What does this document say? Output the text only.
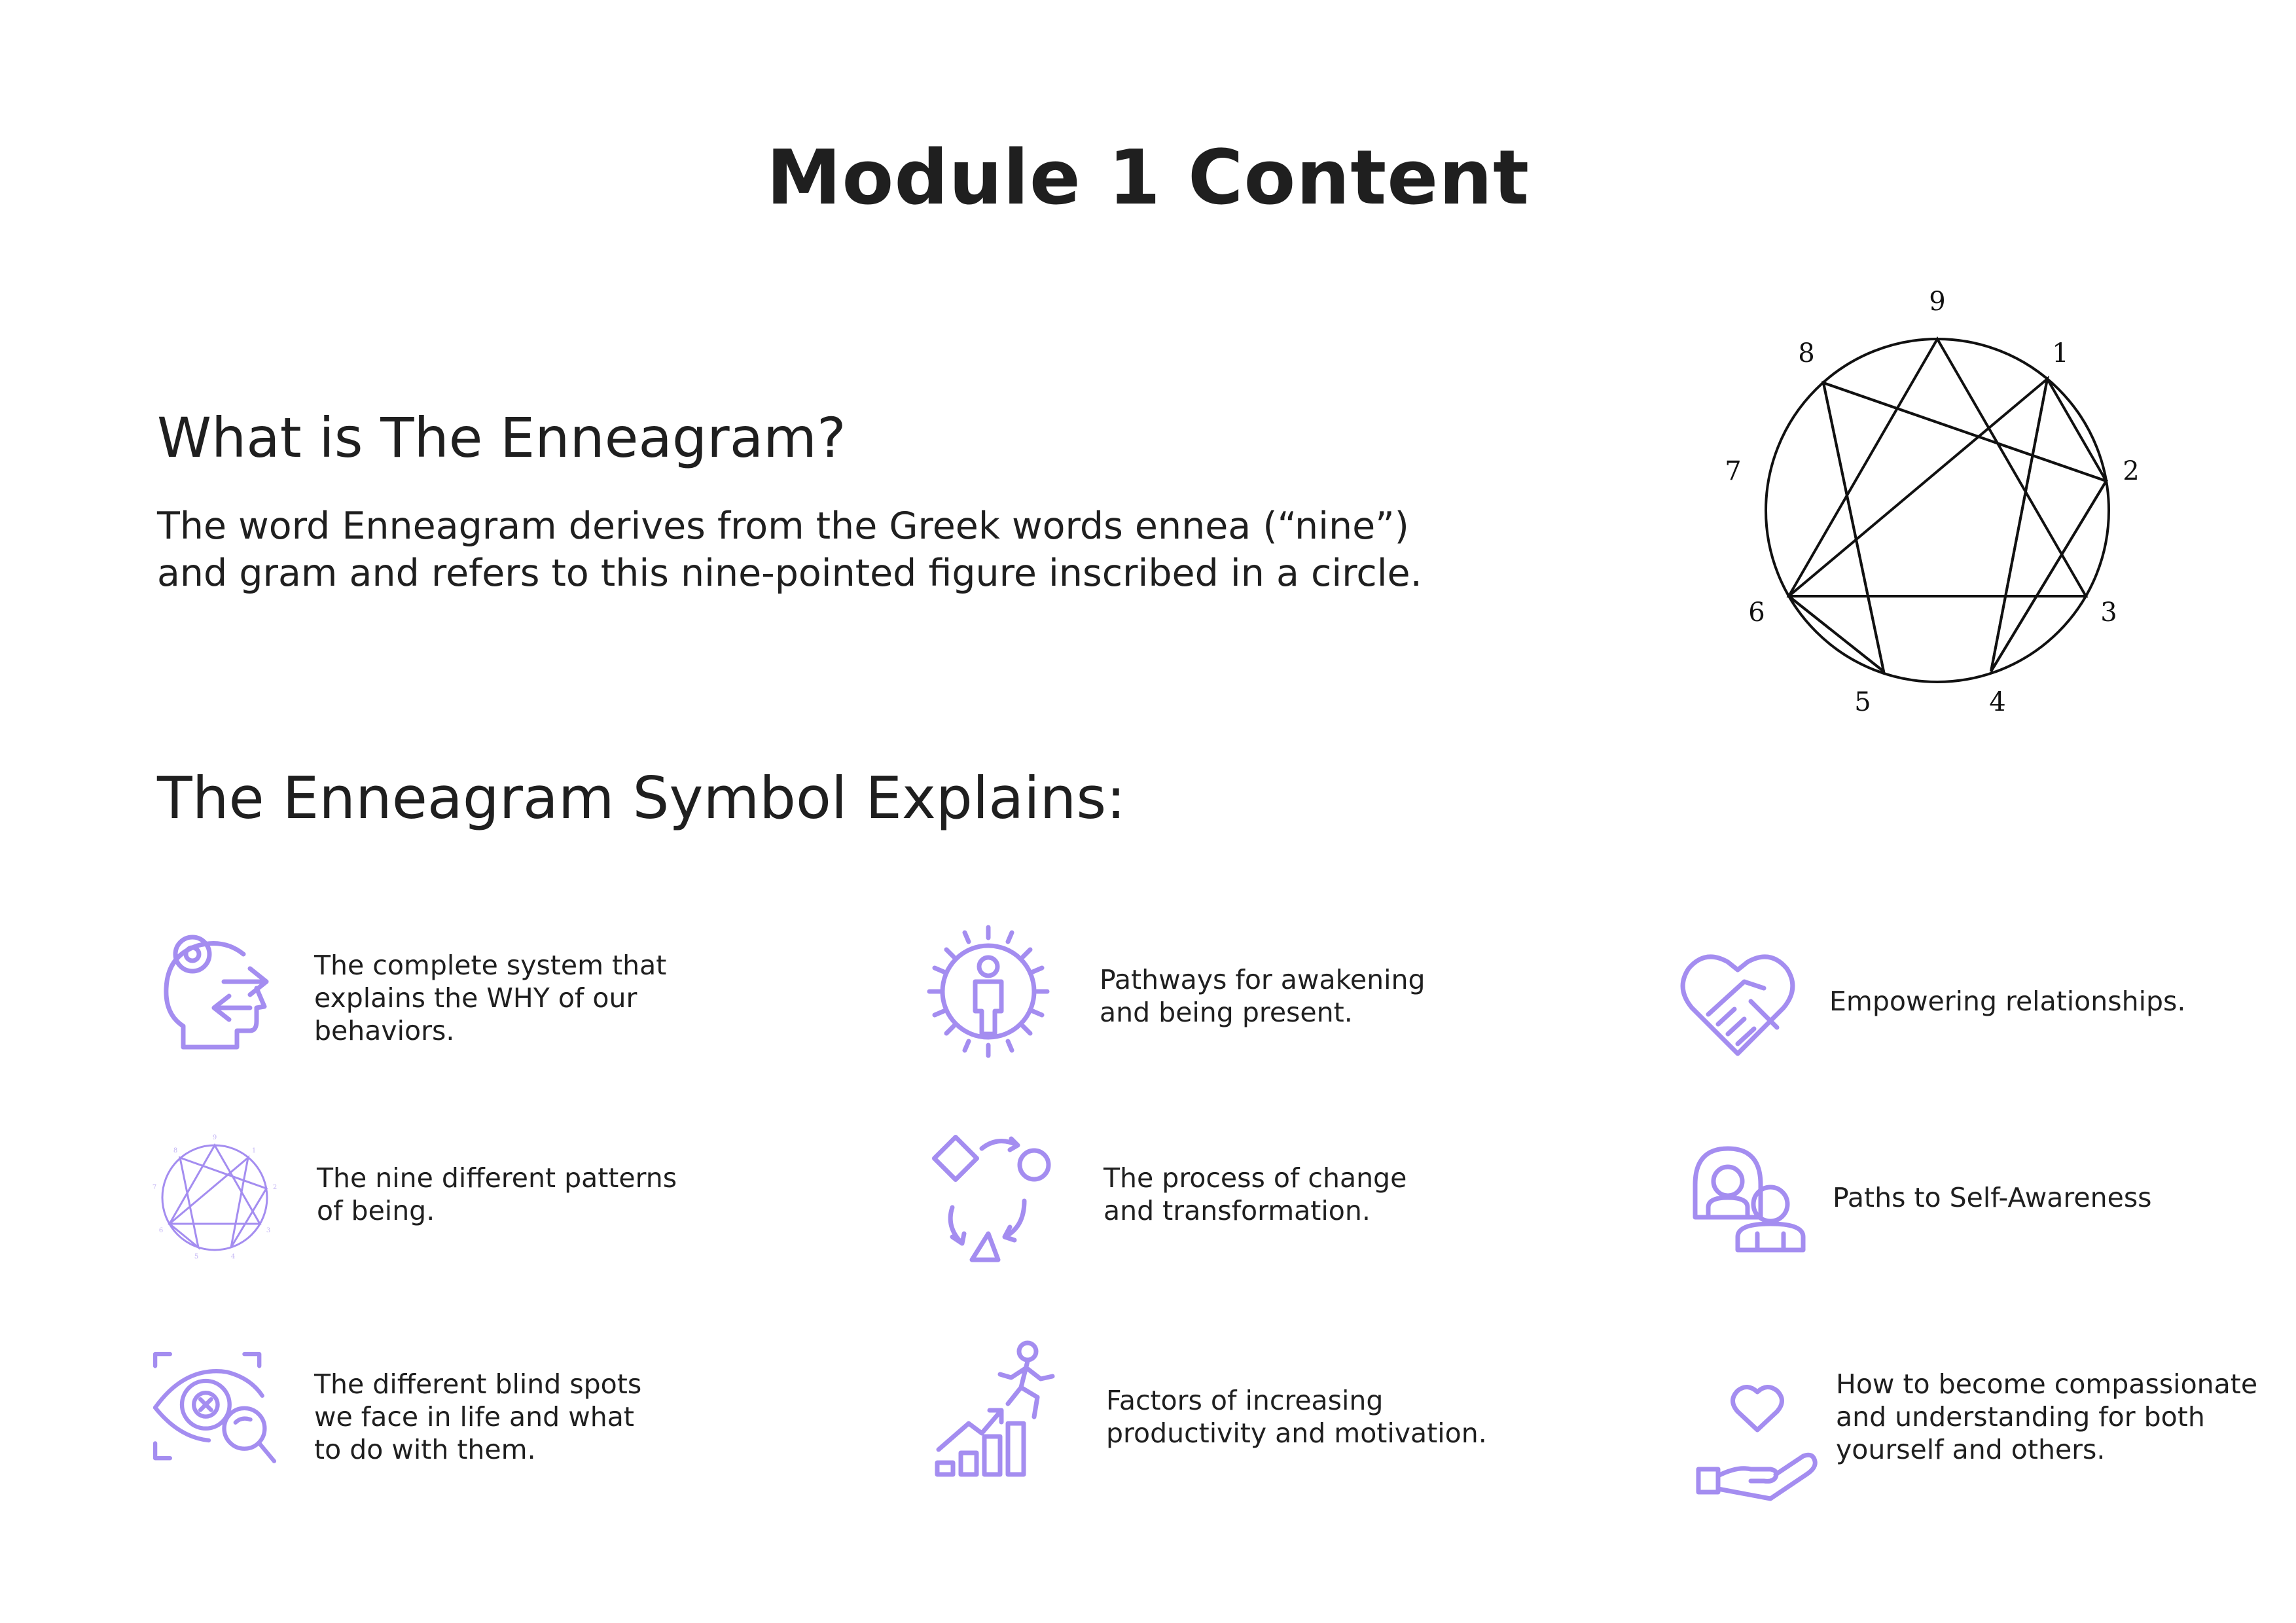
Module 1 Content
What is The Enneagram?
The word Enneagram derives from the Greek words ennea (“nine”)
and gram and refers to this nine-pointed figure inscribed in a circle.
9
1
2
3
4
5
6
7
8
The Enneagram Symbol Explains:
The complete system that
explains the WHY of our
behaviors.
Pathways for awakening
and being present.	Empowering relationships.
9
1
2
3
4
5
6
7
8
The nine different patterns
of being.
The process of change
and transformation.	Paths to Self-Awareness
The different blind spots
we face in life and what
to do with them.
Factors of increasing
productivity and motivation.
How to become compassionate
and understanding for both
yourself and others.
